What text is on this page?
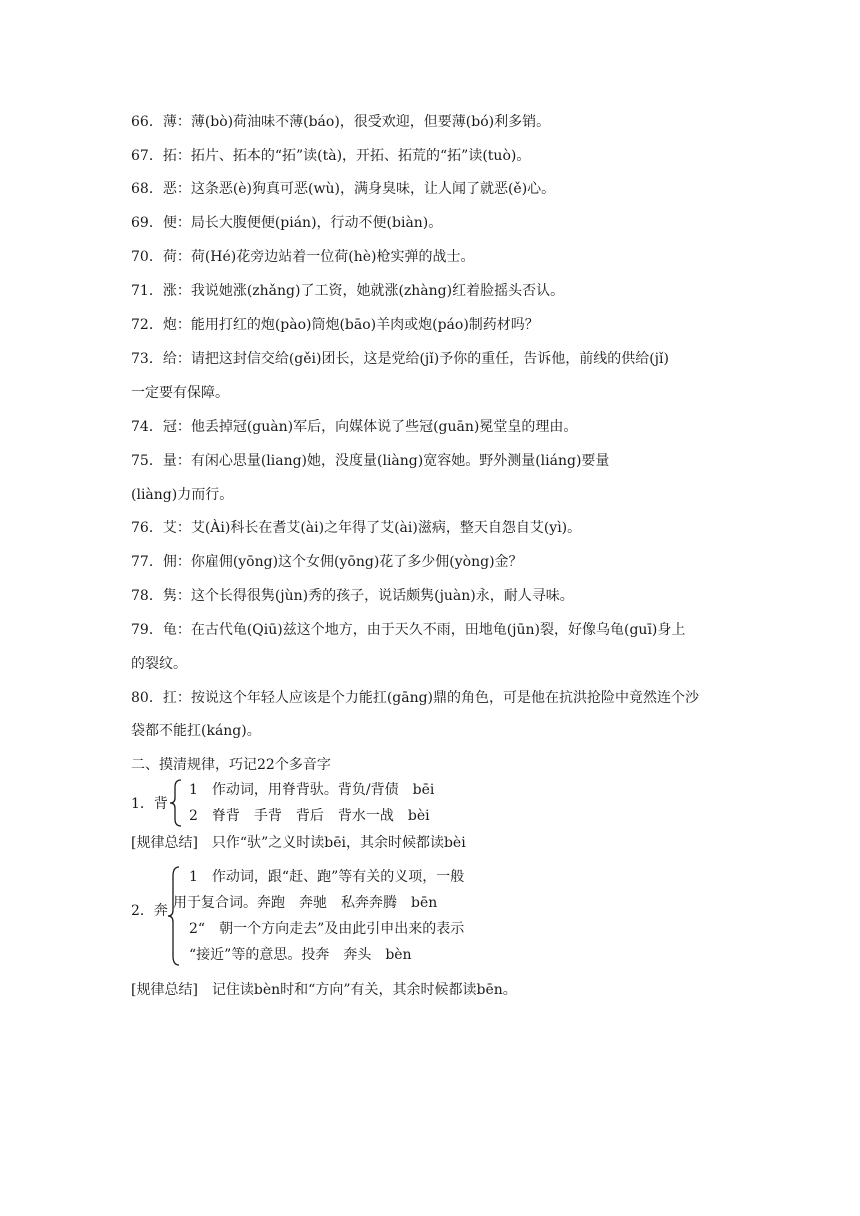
66．薄：薄(bò)荷油味不薄(báo)，很受欢迎，但要薄(bó)利多销。
67．拓：拓片、拓本的“拓”读(tà)，开拓、拓荒的“拓”读(tuò)。
68．恶：这条恶(è)狗真可恶(wù)，满身臭味，让人闻了就恶(ě)心。
69．便：局长大腹便便(pián)，行动不便(biàn)。
70．荷：荷(Hé)花旁边站着一位荷(hè)枪实弹的战士。
71．涨：我说她涨(zhǎng)了工资，她就涨(zhàng)红着脸摇头否认。
72．炮：能用打红的炮(pào)筒炮(bāo)羊肉或炮(páo)制药材吗？
73．给：请把这封信交给(gěi)团长，这是党给(jǐ)予你的重任，告诉他，前线的供给(jǐ)
一定要有保障。
74．冠：他丢掉冠(guàn)军后，向媒体说了些冠(guān)冕堂皇的理由。
75．量：有闲心思量(liang)她，没度量(liàng)宽容她。野外测量(liáng)要量
(liàng)力而行。
76．艾：艾(Ài)科长在耆艾(ài)之年得了艾(ài)滋病，整天自怨自艾(yì)。
77．佣：你雇佣(yōng)这个女佣(yōng)花了多少佣(yòng)金？
78．隽：这个长得很隽(jùn)秀的孩子，说话颇隽(juàn)永，耐人寻味。
79．龟：在古代龟(Qiū)兹这个地方，由于天久不雨，田地龟(jūn)裂，好像乌龟(guī)身上
的裂纹。
80．扛：按说这个年轻人应该是个力能扛(gāng)鼎的角色，可是他在抗洪抢险中竟然连个沙
袋都不能扛(káng)。
二、摸清规律，巧记22个多音字
1．背
1　作动词，用脊背驮。背负/背债　bēi
2　脊背　手背　背后　背水一战　bèi
[规律总结]　只作“驮”之义时读bēi，其余时候都读bèi
2．奔
1　作动词，跟“赶、跑”等有关的义项，一般
用于复合词。奔跑　奔驰　私奔奔腾　bēn
2“　朝一个方向走去”及由此引申出来的表示
“接近”等的意思。投奔　奔头　bèn
[规律总结]　记住读bèn时和“方向”有关，其余时候都读bēn。
